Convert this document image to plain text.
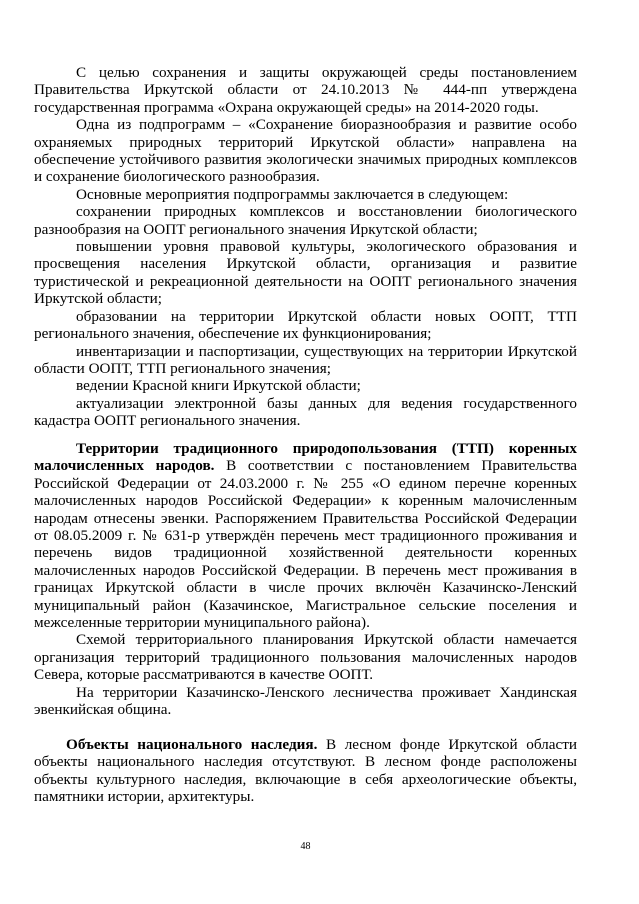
С целью сохранения и защиты окружающей среды постановлением Правительства Иркутской области от 24.10.2013 № 444-пп утверждена государственная программа «Охрана окружающей среды» на 2014-2020 годы.

Одна из подпрограмм – «Сохранение биоразнообразия и развитие особо охраняемых природных территорий Иркутской области» направлена на обеспечение устойчивого развития экологически значимых природных комплексов и сохранение биологического разнообразия.

Основные мероприятия подпрограммы заключается в следующем:

сохранении природных комплексов и восстановлении биологического разнообразия на ООПТ регионального значения Иркутской области;

повышении уровня правовой культуры, экологического образования и просвещения населения Иркутской области, организация и развитие туристической и рекреационной деятельности на ООПТ регионального значения Иркутской области;

образовании на территории Иркутской области новых ООПТ, ТТП регионального значения, обеспечение их функционирования;

инвентаризации и паспортизации, существующих на территории Иркутской области ООПТ, ТТП регионального значения;

ведении Красной книги Иркутской области;

актуализации электронной базы данных для ведения государственного кадастра ООПТ регионального значения.

Территории традиционного природопользования (ТТП) коренных малочисленных народов. В соответствии с постановлением Правительства Российской Федерации от 24.03.2000 г. № 255 «О едином перечне коренных малочисленных народов Российской Федерации» к коренным малочисленным народам отнесены эвенки. Распоряжением Правительства Российской Федерации от 08.05.2009 г. № 631-р утверждён перечень мест традиционного проживания и перечень видов традиционной хозяйственной деятельности коренных малочисленных народов Российской Федерации. В перечень мест проживания в границах Иркутской области в числе прочих включён Казачинско-Ленский муниципальный район (Казачинское, Магистральное сельские поселения и межселенные территории муниципального района).

Схемой территориального планирования Иркутской области намечается организация территорий традиционного пользования малочисленных народов Севера, которые рассматриваются в качестве ООПТ.

На территории Казачинско-Ленского лесничества проживает Хандинская эвенкийская община.

Объекты национального наследия. В лесном фонде Иркутской области объекты национального наследия отсутствуют. В лесном фонде расположены объекты культурного наследия, включающие в себя археологические объекты, памятники истории, архитектуры.

48
